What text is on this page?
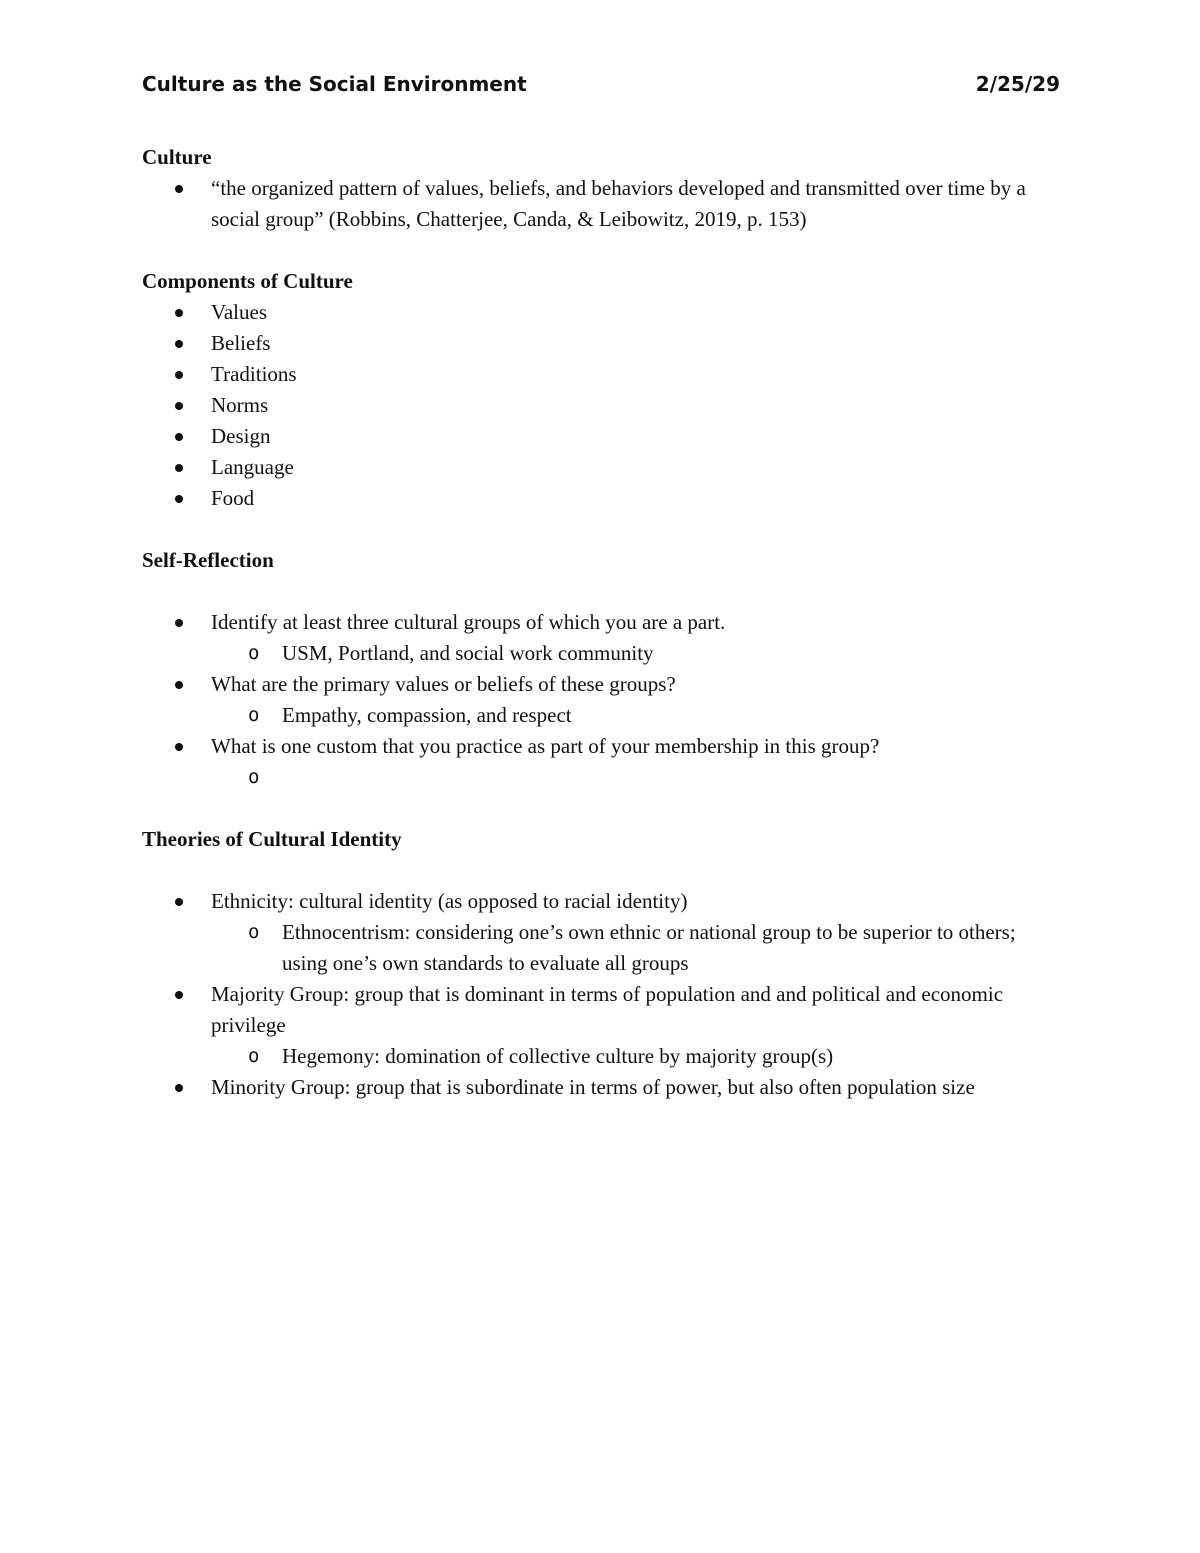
Culture as the Social Environment	2/25/29
Culture
“the organized pattern of values, beliefs, and behaviors developed and transmitted over time by a social group” (Robbins, Chatterjee, Canda, & Leibowitz, 2019, p. 153)
Components of Culture
Values
Beliefs
Traditions
Norms
Design
Language
Food
Self-Reflection
Identify at least three cultural groups of which you are a part.
o USM, Portland, and social work community
What are the primary values or beliefs of these groups?
o Empathy, compassion, and respect
What is one custom that you practice as part of your membership in this group?
o
Theories of Cultural Identity
Ethnicity: cultural identity (as opposed to racial identity)
o Ethnocentrism: considering one’s own ethnic or national group to be superior to others; using one’s own standards to evaluate all groups
Majority Group: group that is dominant in terms of population and and political and economic privilege
o Hegemony: domination of collective culture by majority group(s)
Minority Group: group that is subordinate in terms of power, but also often population size
